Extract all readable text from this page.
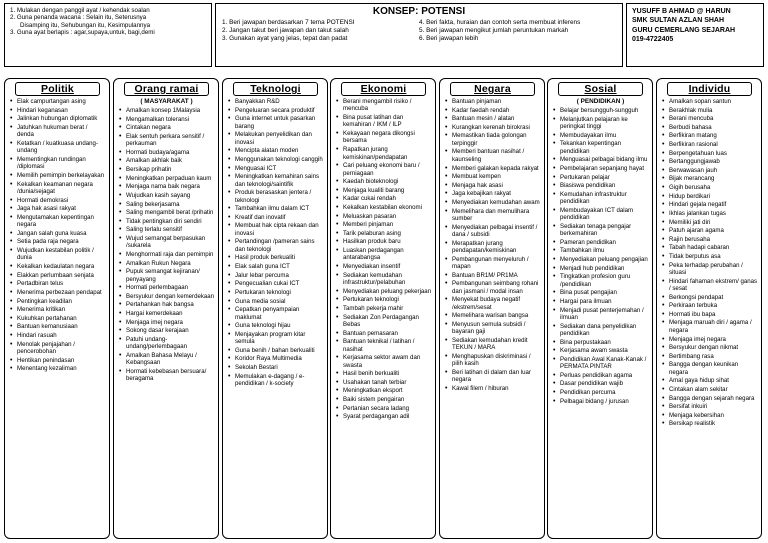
1. Mulakan dengan panggil ayat / kehendak soalan
2. Guna penanda wacana : Selain itu, Seterusnya
Disamping itu, Sehubungan itu, Kesimpulannya
3. Guna ayat berlapis : agar,supaya,untuk, bagi,demi
KONSEP: POTENSI
1. Beri jawapan berdasarkan 7 tema POTENSI
2. Jangan takut beri jawapan dan takut salah
3. Gunakan ayat yang jelas, tepat dan padat
4. Beri fakta, huraian dan contoh serta membuat inferens
5. Beri jawapan mengikut jumlah peruntukan markah
6. Beri jawapan lebih
YUSUFF B AHMAD @ HARUN
SMK SULTAN AZLAN SHAH
GURU CEMERLANG SEJARAH
019-4722405
Politik
• Elak campurtangan asing
• Hindari keganasan
• Jalinkan hubungan diplomatik
• Jatuhkan hukuman berat / denda
• Ketatkan / kuatkuasa undang-undang
• Mementingkan rundingan /diplomasi
• Memilih pemimpin berkelayakan
• Kekalkan keamanan negara /dunia/sejagat
• Hormati demokrasi
• Jaga hak asasi rakyat
• Mengutamakan kepentingan negara
• Jangan salah guna kuasa
• Setia pada raja negara
• Wujudkan kestabilan politik / dunia
• Kekalkan kedaulatan negara
• Elakkan perlumbaan senjata
• Pertadbiran telus
• Menerima perbezaan pendapat
• Pentingkan keadilan
• Menerima kritikan
• Kukuhkan pertahanan
• Bantuan kemanusiaan
• Hindari rasuah
• Menolak penjajahan / pencerobohan
• Hentikan penindasan
• Menentang kezaliman
Orang ramai
( MASYARAKAT )
• Amalkan konsep 1Malaysia
• Mengamalkan toleransi
• Cintakan negara
• Elak sentuh perkara sensitif / perkauman
• Hormati budaya/agama
• Amalkan akhlak baik
• Bersikap prihatin
• Meningkatkan perpaduan kaum
• Menjaga nama baik negara
• Wujudkan kasih sayang
• Saling bekerjasama
• Saling mengambil berat /prihatin
• Tidak pentingkan diri sendiri
• Saling terlalu sensitif
• Wujud semangat berpasukan /sukarela
• Menghormati raja dan pemimpin
• Amalkan Rukun Negara
• Pupuk semangat kejiranan/ penyayang
• Hormati perlembagaan
• Bersyukur dengan kemerdekaan
• Pertahankan hak bangsa
• Hargai kemerdekaan
• Menjaga imej negara
• Sokong dasar kerajaan
• Patuhi undang-undang/perlembagaan
• Amalkan Bahasa Melayu / Kebangsaan
• Hormati kebebasan bersuara/ beragama
Teknologi
• Banyakkan R&D
• Pengeluaran secara produktif
• Guna internet untuk pasarkan barang
• Melakukan penyelidikan dan inovasi
• Mencipta alatan moden
• Menggunakan teknologi canggih
• Menguasai ICT
• Meningkatkan kemahiran sains dan teknologi/saintifik
• Produk berasaskan jentera / teknologi
• Tambahkan ilmu dalam ICT
• Kreatif dan inovatif
• Membuat hak cipta rekaan dan inovasi
• Pertandingan /pameran sains dan teknologi
• Hasil produk berkualiti
• Elak salah guna ICT
• Jalur lebar percuma
• Pengecualian cukai ICT
• Pertukaran teknologi
• Guna media sosial
• Cepatkan penyampaian maklumat
• Guna teknologi hijau
• Menjayakan program kitar semula
• Guna benih / bahan berkualiti
• Koridor Raya Multimedia
• Sekolah Bestari
• Memulakan e-dagang / e-pendidikan / k-society
Ekonomi
• Berani mengambil risiko / mencuba
• Bina pusat latihan dan kemahiran / IKM / ILP
• Kekayaan negara dikongsi bersama
• Rapatkan jurang kemiskinan/pendapatan
• Cari peluang ekonomi baru / perniagaan
• Kaedah bioteknologi
• Menjaga kualiti barang
• Kadar cukai rendah
• Kekalkan kestabilan ekonomi
• Meluaskan pasaran
• Memberi pinjaman
• Tarik pelaburan asing
• Hasilkan produk baru
• Luaskan perdagangan antarabangsa
• Menyediakan insentif
• Sediakan kemudahan infrastruktur/pelabuhan
• Menyediakan peluang pekerjaan
• Pertukaran teknologi
• Tambah pekerja mahir
• Sediakan Zon Perdagangan Bebas
• Bantuan pemasaran
• Bantuan teknikal / latihan / nasihat
• Kerjasama sektor awam dan swasta
• Hasil benih berkualiti
• Usahakan tanah terbiar
• Meningkatkan eksport
• Baiki sistem pengairan
• Pertanian secara ladang
• Syarat perdagangan adil
Negara
• Bantuan pinjaman
• Kadar faedah rendah
• Bantuan mesin / alatan
• Kurangkan kerenah birokrasi
• Memastikan tiada golongan terpinggir
• Memberi bantuan nasihat / kaunseling
• Memberi galakan kepada rakyat
• Membuat kempen
• Menjaga hak asasi
• Jaga kebajikan rakyat
• Menyediakan kemudahan awam
• Memelihara dan memulihara sumber
• Menyediakan pelbagai insentif / dana / subsidi
• Merapatkan jurang pendapatan/kemiskinan
• Pembangunan menyeluruh / mapan
• Bantuan BR1M/ PR1MA
• Pembangunan seimbang rohani dan jasmani / modal insan
• Menyekat budaya negatif /ekstrem/sesat
• Memelihara warisan bangsa
• Menyusun semula subsidi / bayaran gaji
• Sediakan kemudahan kredit TEKUN / MARA
• Menghapuskan diskriminasi / pilih kasih
• Beri latihan di dalam dan luar negara
• Kawal filem / hiburan
Sosial
( PENDIDIKAN )
• Belajar bersungguh-sungguh
• Melanjutkan pelajaran ke peringkat tinggi
• Membudayakan ilmu
• Tekankan kepentingan pendidikan
• Menguasai pelbagai bidang ilmu
• Pembelajaran sepanjang hayat
• Pertukaran pelajar
• Biasiswa pendidikan
• Kemudahan infrastruktur pendidikan
• Membudayakan ICT dalam pendidikan
• Sediakan tenaga pengajar berkemahiran
• Pameran pendidikan
• Tambahkan ilmu
• Menyediakan peluang pengajian
• Menjadi hub pendidikan
• Tingkatkan profesion guru /pendidikan
• Bina pusat pengajian
• Hargai para ilmuan
• Menjadi pusat penterjemahan / ilmuan
• Sediakan dana penyelidikan pendidikan
• Bina perpustakaan
• Kerjasama awam swasta
• Pendidikan Awal Kanak-Kanak / PERMATA PINTAR
• Perluas pendidikan agama
• Dasar pendidikan wajib
• Pendidikan percuma
• Pelbagai bidang / jurusan
Individu
• Amalkan sopan santun
• Berakhlak mulia
• Berani mencuba
• Berbudi bahasa
• Berfikiran matang
• Berfikiran rasional
• Berpengetahuan luas
• Bertanggungjawab
• Berwawasan jauh
• Bijak merancang
• Gigih berusaha
• Hidup berdikari
• Hindari gejala negatif
• Ikhlas jalankan tugas
• Memiliki jati diri
• Patuh ajaran agama
• Rajin berusaha
• Tabah hadapi cabaran
• Tidak berputus asa
• Peka terhadap perubahan / situasi
• Hindari fahaman ekstrem/ ganas / sesat
• Berkongsi pendapat
• Perkiraan terbuka
• Hormati ibu bapa
• Menjaga maruah diri / agama / negara
• Menjaga imej negara
• Bersyukur dengan nikmat
• Bertimbang rasa
• Bangga dengan keunikan negara
• Amal gaya hidup sihat
• Cintakan alam sekitar
• Bangga dengan sejarah negara
• Bersifat inkuiri
• Menjaga kebersihan
• Bersikap realistik
